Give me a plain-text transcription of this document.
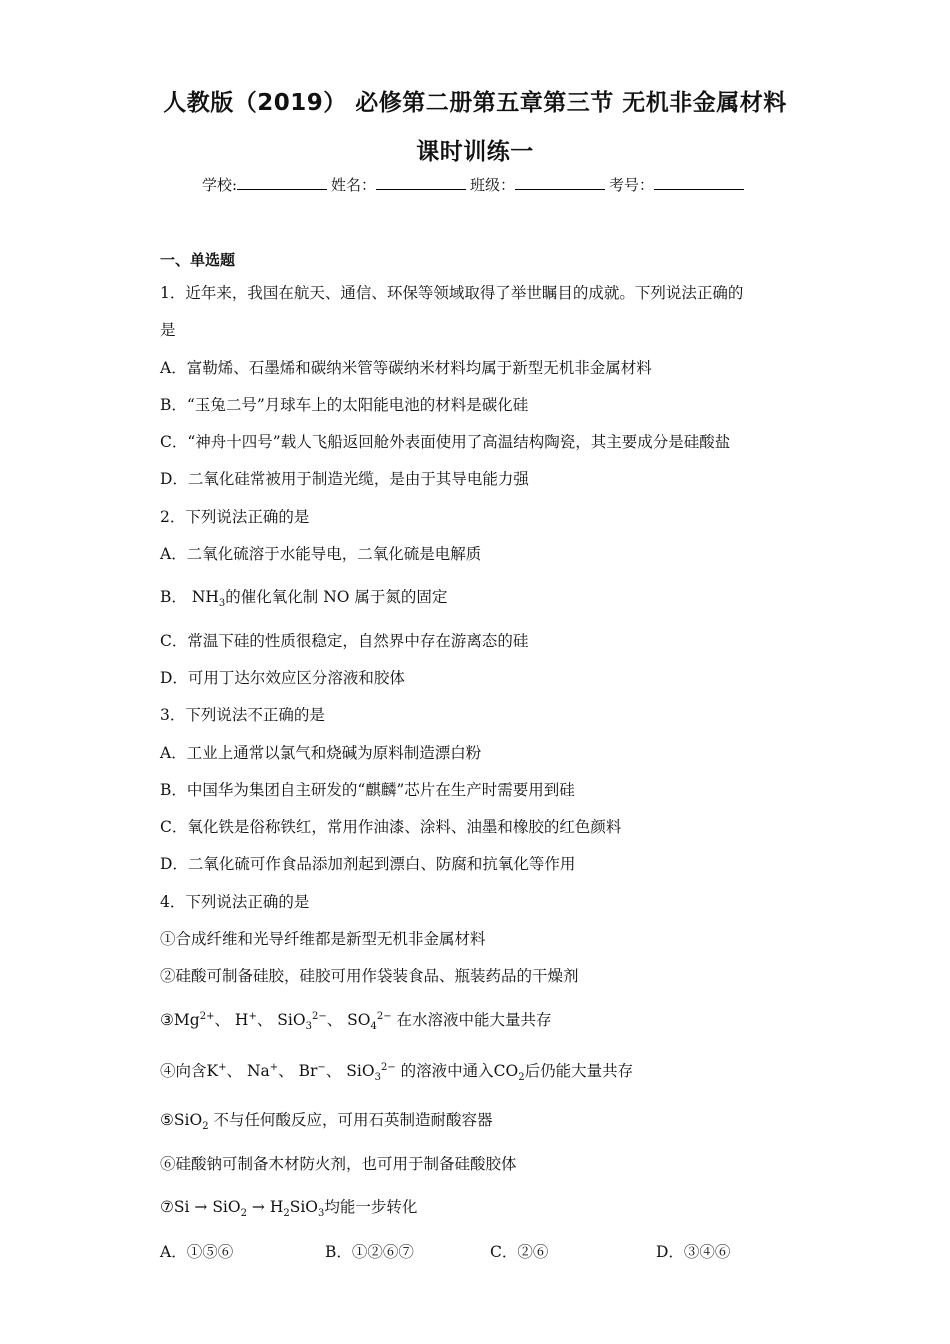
人教版（2019） 必修第二册第五章第三节 无机非金属材料
课时训练一
学校:	姓名：	班级：	考号：
一、单选题
1．近年来，我国在航天、通信、环保等领域取得了举世瞩目的成就。下列说法正确的
是
A．富勒烯、石墨烯和碳纳米管等碳纳米材料均属于新型无机非金属材料
B．“玉兔二号”月球车上的太阳能电池的材料是碳化硅
C．“神舟十四号”载人飞船返回舱外表面使用了高温结构陶瓷，其主要成分是硅酸盐
D．二氧化硅常被用于制造光缆，是由于其导电能力强
2．下列说法正确的是
A．二氧化硫溶于水能导电，二氧化硫是电解质
B． $NH_3$的催化氧化制 NO 属于氮的固定
C．常温下硅的性质很稳定，自然界中存在游离态的硅
D．可用丁达尔效应区分溶液和胶体
3．下列说法不正确的是
A．工业上通常以氯气和烧碱为原料制造漂白粉
B．中国华为集团自主研发的“麒麟”芯片在生产时需要用到硅
C．氧化铁是俗称铁红，常用作油漆、涂料、油墨和橡胶的红色颜料
D．二氧化硫可作食品添加剂起到漂白、防腐和抗氧化等作用
4．下列说法正确的是
①合成纤维和光导纤维都是新型无机非金属材料
②硅酸可制备硅胶，硅胶可用作袋装食品、瓶装药品的干燥剂
$③Mg^{2+}$、 H+、 SiO$_3^{2-}$、 $SO_4^{2-}$ 在水溶液中能大量共存
④向含K+、 Na+、 Br−、 SiO$_3^{2-}$ 的溶液中通入$CO_2$后仍能大量共存
⑤SiO$_2$ 不与任何酸反应，可用石英制造耐酸容器
⑥硅酸钠可制备木材防火剂，也可用于制备硅酸胶体
⑦Si → $SiO_2 \to H_2SiO_3$均能一步转化
A．①⑤⑥	B．①②⑥⑦	C．②⑥	D．③④⑥
